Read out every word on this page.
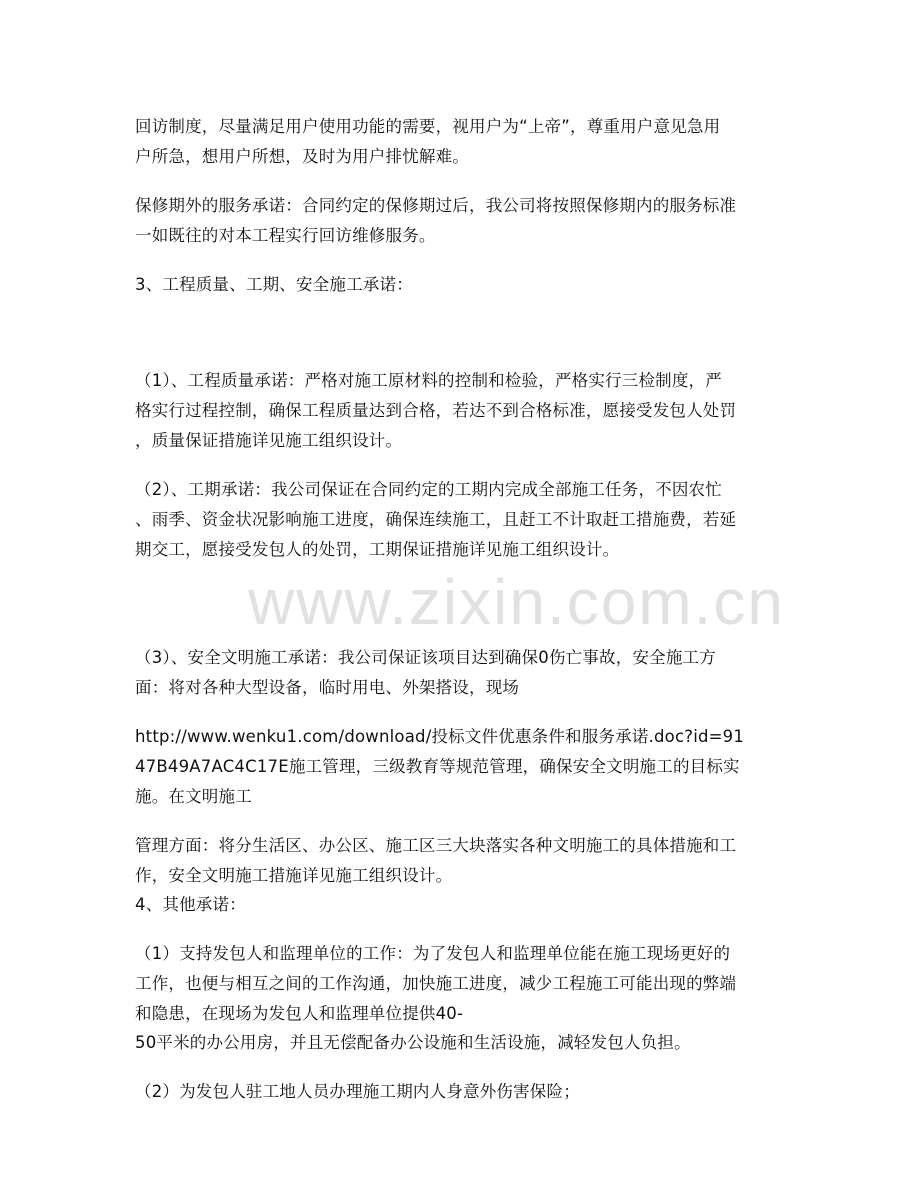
www.zixin.com.cn
回访制度，尽量满足用户使用功能的需要，视用户为“上帝”，尊重用户意见急用
户所急，想用户所想，及时为用户排忧解难。
保修期外的服务承诺：合同约定的保修期过后，我公司将按照保修期内的服务标准
一如既往的对本工程实行回访维修服务。
3、工程质量、工期、安全施工承诺：
（1）、工程质量承诺：严格对施工原材料的控制和检验，严格实行三检制度，严
格实行过程控制，确保工程质量达到合格，若达不到合格标准，愿接受发包人处罚
，质量保证措施详见施工组织设计。
（2）、工期承诺：我公司保证在合同约定的工期内完成全部施工任务，不因农忙
、雨季、资金状况影响施工进度，确保连续施工，且赶工不计取赶工措施费，若延
期交工，愿接受发包人的处罚，工期保证措施详见施工组织设计。
（3）、安全文明施工承诺：我公司保证该项目达到确保0伤亡事故，安全施工方
面：将对各种大型设备，临时用电、外架搭设，现场
http://www.wenku1.com/download/投标文件优惠条件和服务承诺.doc?id=91
47B49A7AC4C17E施工管理，三级教育等规范管理，确保安全文明施工的目标实
施。在文明施工
管理方面：将分生活区、办公区、施工区三大块落实各种文明施工的具体措施和工
作，安全文明施工措施详见施工组织设计。
4、其他承诺：
（1）支持发包人和监理单位的工作：为了发包人和监理单位能在施工现场更好的
工作，也便与相互之间的工作沟通，加快施工进度，减少工程施工可能出现的弊端
和隐患，在现场为发包人和监理单位提供40-
50平米的办公用房，并且无偿配备办公设施和生活设施，减轻发包人负担。
（2）为发包人驻工地人员办理施工期内人身意外伤害保险；
